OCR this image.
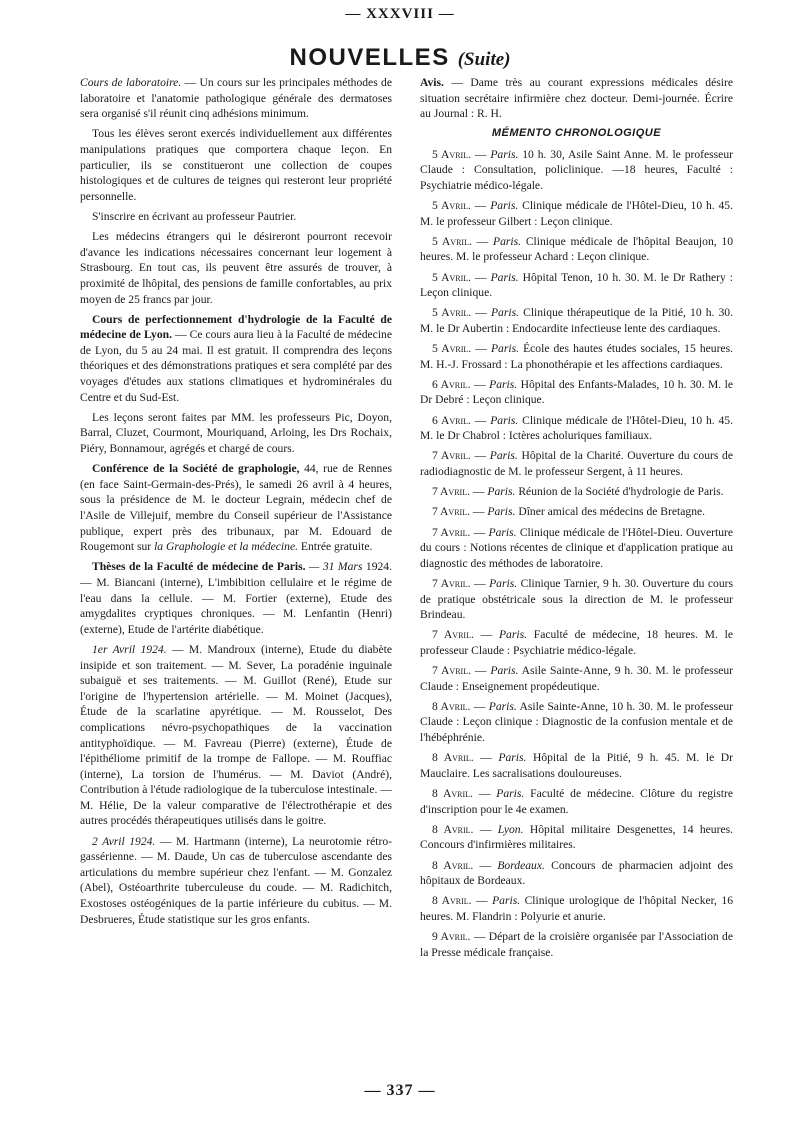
— XXXVIII —
NOUVELLES (Suite)

Cours de laboratoire. — Un cours sur les principales méthodes de laboratoire et l'anatomie pathologique générale des dermatoses sera organisé s'il réunit cinq adhésions minimum.

Tous les élèves seront exercés individuellement aux différentes manipulations pratiques que comportera chaque leçon. En particulier, ils se constitueront une collection de coupes histologiques et de cultures de teignes qui resteront leur propriété personnelle.

S'inscrire en écrivant au professeur Pautrier.

Les médecins étrangers qui le désireront pourront recevoir d'avance les indications nécessaires concernant leur logement à Strasbourg. En tout cas, ils peuvent être assurés de trouver, à proximité de lhôpital, des pensions de famille confortables, au prix moyen de 25 francs par jour.

Cours de perfectionnement d'hydrologie de la Faculté de médecine de Lyon. — Ce cours aura lieu à la Faculté de médecine de Lyon, du 5 au 24 mai. Il est gratuit. Il comprendra des leçons théoriques et des démonstrations pratiques et sera complété par des voyages d'études aux stations climatiques et hydrominérales du Centre et du Sud-Est.

Les leçons seront faites par MM. les professeurs Pic, Doyon, Barral, Cluzet, Courmont, Mouriquand, Arloing, les Drs Rochaix, Piéry, Bonnamour, agrégés et chargé de cours.

Conférence de la Société de graphologie, 44, rue de Rennes (en face Saint-Germain-des-Prés), le samedi 26 avril à 4 heures, sous la présidence de M. le docteur Legrain, médecin chef de l'Asile de Villejuif, membre du Conseil supérieur de l'Assistance publique, expert près des tribunaux, par M. Edouard de Rougemont sur la Graphologie et la médecine. Entrée gratuite.

Thèses de la Faculté de médecine de Paris. — 31 Mars 1924. — M. Biancani (interne), L'imbibition cellulaire et le régime de l'eau dans la cellule. — M. Fortier (externe), Etude des amygdalites cryptiques chroniques. — M. Lenfantin (Henri) (externe), Etude de l'artérite diabétique.

1er Avril 1924. — M. Mandroux (interne), Etude du diabète insipide et son traitement. — M. Sever, La poradénie inguinale subaiguë et ses traitements. — M. Guillot (René), Etude sur l'origine de l'hypertension artérielle. — M. Moinet (Jacques), Étude de la scarlatine apyrétique. — M. Rousselot, Des complications névro-psychopathiques de la vaccination antityphoïdique. — M. Favreau (Pierre) (externe), Étude de l'épithéliome primitif de la trompe de Fallope. — M. Rouffiac (interne), La torsion de l'humérus. — M. Daviot (André), Contribution à l'étude radiologique de la tuberculose intestinale. — M. Hélie, De la valeur comparative de l'électrothérapie et des autres procédés thérapeutiques utilisés dans le goitre.

2 Avril 1924. — M. Hartmann (interne), La neurotomie rétro-gassérienne. — M. Daude, Un cas de tuberculose ascendante des articulations du membre supérieur chez l'enfant. — M. Gonzalez (Abel), Ostéoarthrite tuberculeuse du coude. — M. Radichitch, Exostoses ostéogéniques de la partie inférieure du cubitus. — M. Desbrueres, Étude statistique sur les gros enfants.

Avis. — Dame très au courant expressions médicales désire situation secrétaire infirmière chez docteur. Demi-journée. Écrire au Journal : R. H.

MÉMENTO CHRONOLOGIQUE

5 Avril. — Paris. 10 h. 30, Asile Saint Anne. M. le professeur Claude : Consultation, policlinique. —18 heures, Faculté : Psychiatrie médico-légale.

5 Avril. — Paris. Clinique médicale de l'Hôtel-Dieu, 10 h. 45. M. le professeur Gilbert : Leçon clinique.

5 Avril. — Paris. Clinique médicale de l'hôpital Beaujon, 10 heures. M. le professeur Achard : Leçon clinique.

5 Avril. — Paris. Hôpital Tenon, 10 h. 30. M. le Dr Rathery : Leçon clinique.

5 Avril. — Paris. Clinique thérapeutique de la Pitié, 10 h. 30. M. le Dr Aubertin : Endocardite infectieuse lente des cardiaques.

5 Avril. — Paris. École des hautes études sociales, 15 heures. M. H.-J. Frossard : La phonothérapie et les affections cardiaques.

6 Avril. — Paris. Hôpital des Enfants-Malades, 10 h. 30. M. le Dr Debré : Leçon clinique.

6 Avril. — Paris. Clinique médicale de l'Hôtel-Dieu, 10 h. 45. M. le Dr Chabrol : Ictères acholuriques familiaux.

7 Avril. — Paris. Hôpital de la Charité. Ouverture du cours de radiodiagnostic de M. le professeur Sergent, à 11 heures.

7 Avril. — Paris. Réunion de la Société d'hydrologie de Paris.

7 Avril. — Paris. Dîner amical des médecins de Bretagne.

7 Avril. — Paris. Clinique médicale de l'Hôtel-Dieu. Ouverture du cours : Notions récentes de clinique et d'application pratique au diagnostic des méthodes de laboratoire.

7 Avril. — Paris. Clinique Tarnier, 9 h. 30. Ouverture du cours de pratique obstétricale sous la direction de M. le professeur Brindeau.

7 Avril. — Paris. Faculté de médecine, 18 heures. M. le professeur Claude : Psychiatrie médico-légale.

7 Avril. — Paris. Asile Sainte-Anne, 9 h. 30. M. le professeur Claude : Enseignement propédeutique.

8 Avril. — Paris. Asile Sainte-Anne, 10 h. 30. M. le professeur Claude : Leçon clinique : Diagnostic de la confusion mentale et de l'hébéphrénie.

8 Avril. — Paris. Hôpital de la Pitié, 9 h. 45. M. le Dr Mauclaire. Les sacralisations douloureuses.

8 Avril. — Paris. Faculté de médecine. Clôture du registre d'inscription pour le 4e examen.

8 Avril. — Lyon. Hôpital militaire Desgenettes, 14 heures. Concours d'infirmières militaires.

8 Avril. — Bordeaux. Concours de pharmacien adjoint des hôpitaux de Bordeaux.

8 Avril. — Paris. Clinique urologique de l'hôpital Necker, 16 heures. M. Flandrin : Polyurie et anurie.

9 Avril. — Départ de la croisière organisée par l'Association de la Presse médicale française.

— 337 —
